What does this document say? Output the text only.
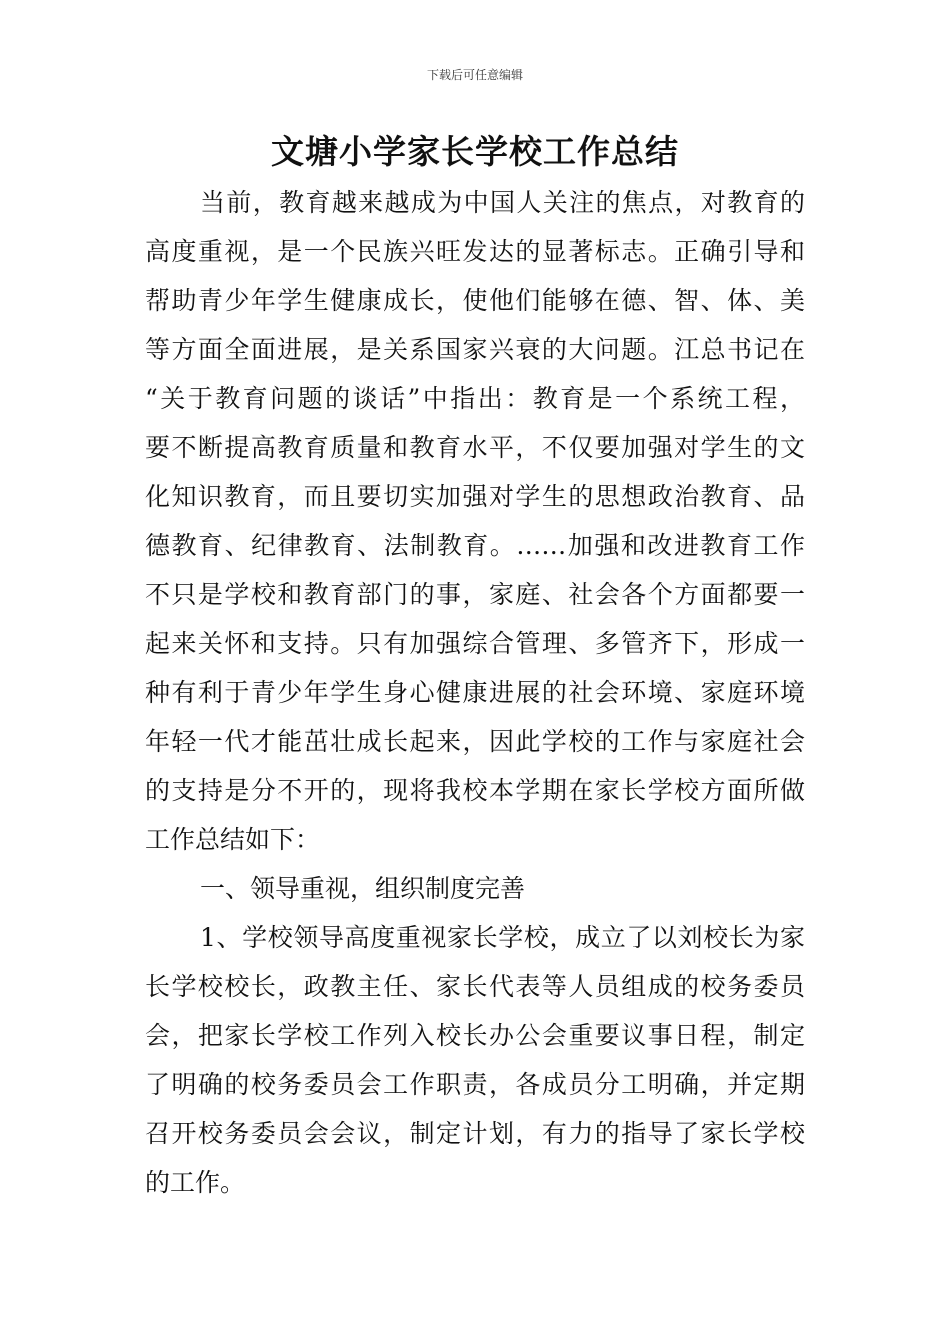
下载后可任意编辑
文塘小学家长学校工作总结
当前，教育越来越成为中国人关注的焦点，对教育的
高度重视，是一个民族兴旺发达的显著标志。正确引导和
帮助青少年学生健康成长，使他们能够在德、智、体、美
等方面全面进展，是关系国家兴衰的大问题。江总书记在
“关于教育问题的谈话”中指出：教育是一个系统工程，
要不断提高教育质量和教育水平，不仅要加强对学生的文
化知识教育，而且要切实加强对学生的思想政治教育、品
德教育、纪律教育、法制教育。……加强和改进教育工作
不只是学校和教育部门的事，家庭、社会各个方面都要一
起来关怀和支持。只有加强综合管理、多管齐下，形成一
种有利于青少年学生身心健康进展的社会环境、家庭环境
年轻一代才能茁壮成长起来，因此学校的工作与家庭社会
的支持是分不开的，现将我校本学期在家长学校方面所做
工作总结如下：
一、领导重视，组织制度完善
1、学校领导高度重视家长学校，成立了以刘校长为家
长学校校长，政教主任、家长代表等人员组成的校务委员
会，把家长学校工作列入校长办公会重要议事日程，制定
了明确的校务委员会工作职责，各成员分工明确，并定期
召开校务委员会会议，制定计划，有力的指导了家长学校
的工作。
